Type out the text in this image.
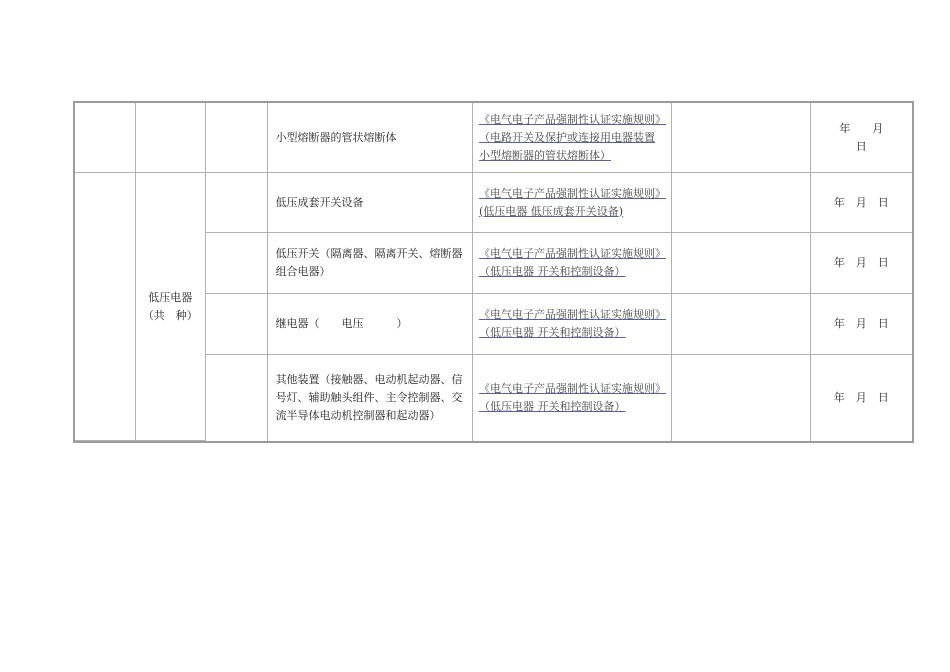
			小型熔断器的管状熔断体	《电气电子产品强制性认证实施规则》（电路开关及保护或连接用电器装置 小型熔断器的管状熔断体）		年　　月　　日

	低压电器
（共　种）		低压成套开关设备	《电气电子产品强制性认证实施规则》(低压电器 低压成套开关设备)		年　月　日
			低压开关（隔离器、隔离开关、熔断器组合电器）	《电气电子产品强制性认证实施规则》（低压电器 开关和控制设备）		年　月　日
			继电器（　　电压　　　）	《电气电子产品强制性认证实施规则》（低压电器 开关和控制设备）		年　月　日
			其他装置（接触器、电动机起动器、信号灯、辅助触头组件、主令控制器、交流半导体电动机控制器和起动器）	《电气电子产品强制性认证实施规则》（低压电器 开关和控制设备）		年　月　日
